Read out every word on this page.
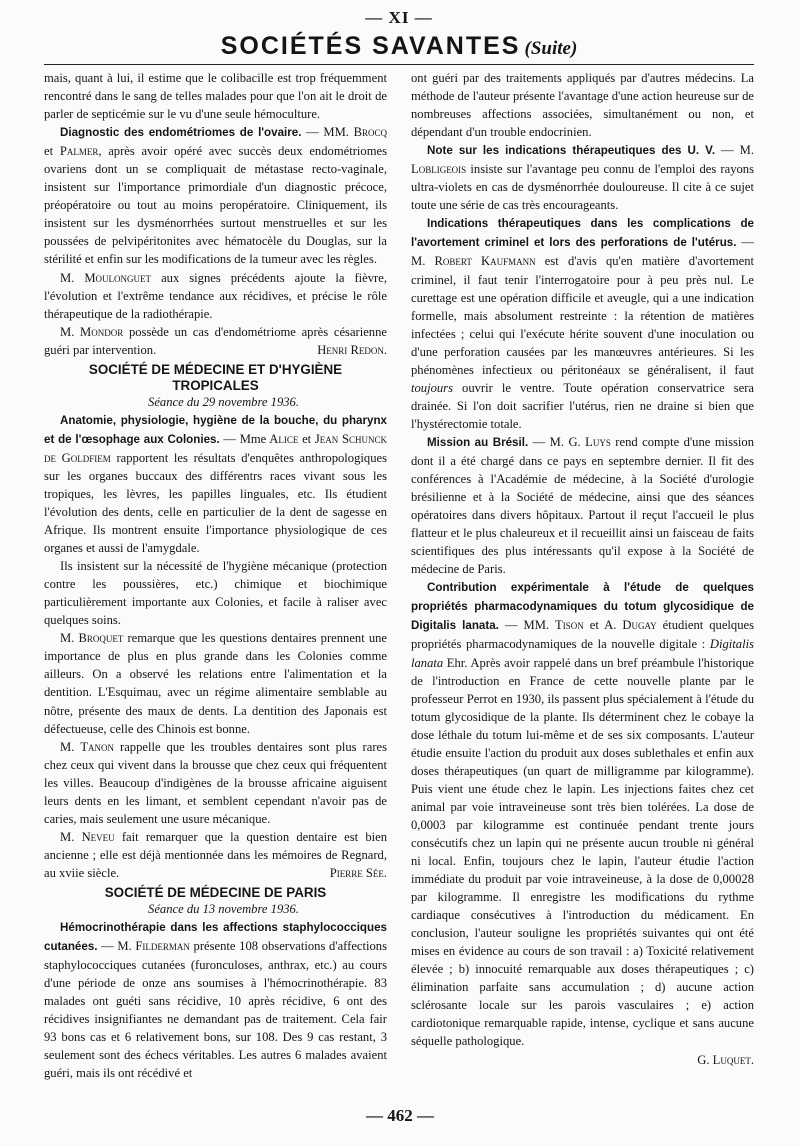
— XI —
SOCIÉTÉS SAVANTES (Suite)

mais, quant à lui, il estime que le colibacille est trop fréquemment rencontré dans le sang de telles malades pour que l'on ait le droit de parler de septicémie sur le vu d'une seule hémoculture.

Diagnostic des endométriomes de l'ovaire. — MM. Brocq et Palmer, après avoir opéré avec succès deux endométriomes ovariens dont un se compliquait de métastase recto-vaginale, insistent sur l'importance primordiale d'un diagnostic précoce, préopératoire ou tout au moins peropératoire. Cliniquement, ils insistent sur les dysménorrhées surtout menstruelles et sur les poussées de pelvipéritonites avec hématocèle du Douglas, sur la stérilité et enfin sur les modifications de la tumeur avec les règles.

M. Moulonguet aux signes précédents ajoute la fièvre, l'évolution et l'extrême tendance aux récidives, et précise le rôle thérapeutique de la radiothérapie.

M. Mondor possède un cas d'endométriome après césarienne guéri par intervention.	Henri Redon.

SOCIÉTÉ DE MÉDECINE ET D'HYGIÈNE TROPICALES

Séance du 29 novembre 1936.

Anatomie, physiologie, hygiène de la bouche, du pharynx et de l'œsophage aux Colonies. — Mme Alice et Jean Schunck de Goldfiem rapportent les résultats d'enquêtes anthropologiques sur les organes buccaux des différentrs races vivant sous les tropiques, les lèvres, les papilles linguales, etc. Ils étudient l'évolution des dents, celle en particulier de la dent de sagesse en Afrique. Ils montrent ensuite l'importance physiologique de ces organes et aussi de l'amygdale.

Ils insistent sur la nécessité de l'hygiène mécanique (protection contre les poussières, etc.) chimique et biochimique particulièrement importante aux Colonies, et facile à raliser avec quelques soins.

M. Broquet remarque que les questions dentaires prennent une importance de plus en plus grande dans les Colonies comme ailleurs. On a observé les relations entre l'alimentation et la dentition. L'Esquimau, avec un régime alimentaire semblable au nôtre, présente des maux de dents. La dentition des Japonais est défectueuse, celle des Chinois est bonne.

M. Tanon rappelle que les troubles dentaires sont plus rares chez ceux qui vivent dans la brousse que chez ceux qui fréquentent les villes. Beaucoup d'indigènes de la brousse africaine aiguisent leurs dents en les limant, et semblent cependant n'avoir pas de caries, mais seulement une usure mécanique.

M. Neveu fait remarquer que la question dentaire est bien ancienne ; elle est déjà mentionnée dans les mémoires de Regnard, au xviie siècle.	Pierre Sée.

SOCIÉTÉ DE MÉDECINE DE PARIS

Séance du 13 novembre 1936.

Hémocrinothérapie dans les affections staphylococciques cutanées. — M. Filderman présente 108 observations d'affections staphylococciques cutanées (furonculoses, anthrax, etc.) au cours d'une période de onze ans soumises à l'hémocrinothérapie. 83 malades ont guéti sans récidive, 10 après récidive, 6 ont des récidives insignifiantes ne demandant pas de traitement. Cela fair 93 bons cas et 6 relativement bons, sur 108. Des 9 cas restant, 3 seulement sont des échecs véritables. Les autres 6 malades avaient guéri, mais ils ont récédivé et

ont guéri par des traitements appliqués par d'autres médecins. La méthode de l'auteur présente l'avantage d'une action heureuse sur de nombreuses affections associées, simultanément ou non, et dépendant d'un trouble endocrinien.

Note sur les indications thérapeutiques des U. V. — M. Lobligeois insiste sur l'avantage peu connu de l'emploi des rayons ultra-violets en cas de dysménorrhée douloureuse. Il cite à ce sujet toute une série de cas très encourageants.

Indications thérapeutiques dans les complications de l'avortement criminel et lors des perforations de l'utérus. — M. Robert Kaufmann est d'avis qu'en matière d'avortement criminel, il faut tenir l'interrogatoire pour à peu près nul. Le curettage est une opération difficile et aveugle, qui a une indication formelle, mais absolument restreinte : la rétention de matières infectées ; celui qui l'exécute hérite souvent d'une inoculation ou d'une perforation causées par les manœuvres antérieures. Si les phénomènes infectieux ou péritonéaux se généralisent, il faut toujours ouvrir le ventre. Toute opération conservatrice sera drainée. Si l'on doit sacrifier l'utérus, rien ne draine si bien que l'hystérectomie totale.

Mission au Brésil. — M. G. Luys rend compte d'une mission dont il a été chargé dans ce pays en septembre dernier. Il fit des conférences à l'Académie de médecine, à la Société d'urologie brésilienne et à la Société de médecine, ainsi que des séances opératoires dans divers hôpitaux. Partout il reçut l'accueil le plus flatteur et le plus chaleureux et il recueillit ainsi un faisceau de faits scientifiques des plus intéressants qu'il expose à la Société de médecine de Paris.

Contribution expérimentale à l'étude de quelques propriétés pharmacodynamiques du totum glycosidique de Digitalis lanata. — MM. Tison et A. Dugay étudient quelques propriétés pharmacodynamiques de la nouvelle digitale : Digitalis lanata Ehr. Après avoir rappelé dans un bref préambule l'historique de l'introduction en France de cette nouvelle plante par le professeur Perrot en 1930, ils passent plus spécialement à l'étude du totum glycosidique de la plante. Ils déterminent chez le cobaye la dose léthale du totum lui-même et de ses six composants. L'auteur étudie ensuite l'action du produit aux doses sublethales et enfin aux doses thérapeutiques (un quart de milligramme par kilogramme). Puis vient une étude chez le lapin. Les injections faites chez cet animal par voie intraveineuse sont très bien tolérées. La dose de 0,0003 par kilogramme est continuée pendant trente jours consécutifs chez un lapin qui ne présente aucun trouble ni général ni local. Enfin, toujours chez le lapin, l'auteur étudie l'action immédiate du produit par voie intraveineuse, à la dose de 0,00028 par kilogramme. Il enregistre les modifications du rythme cardiaque consécutives à l'introduction du médicament. En conclusion, l'auteur souligne les propriétés suivantes qui ont été mises en évidence au cours de son travail : a) Toxicité relativement élevée ; b) innocuité remarquable aux doses thérapeutiques ; c) élimination parfaite sans accumulation ; d) aucune action sclérosante locale sur les parois vasculaires ; e) action cardiotonique remarquable rapide, intense, cyclique et sans aucune séquelle pathologique.

G. Luquet.

— 462 —
